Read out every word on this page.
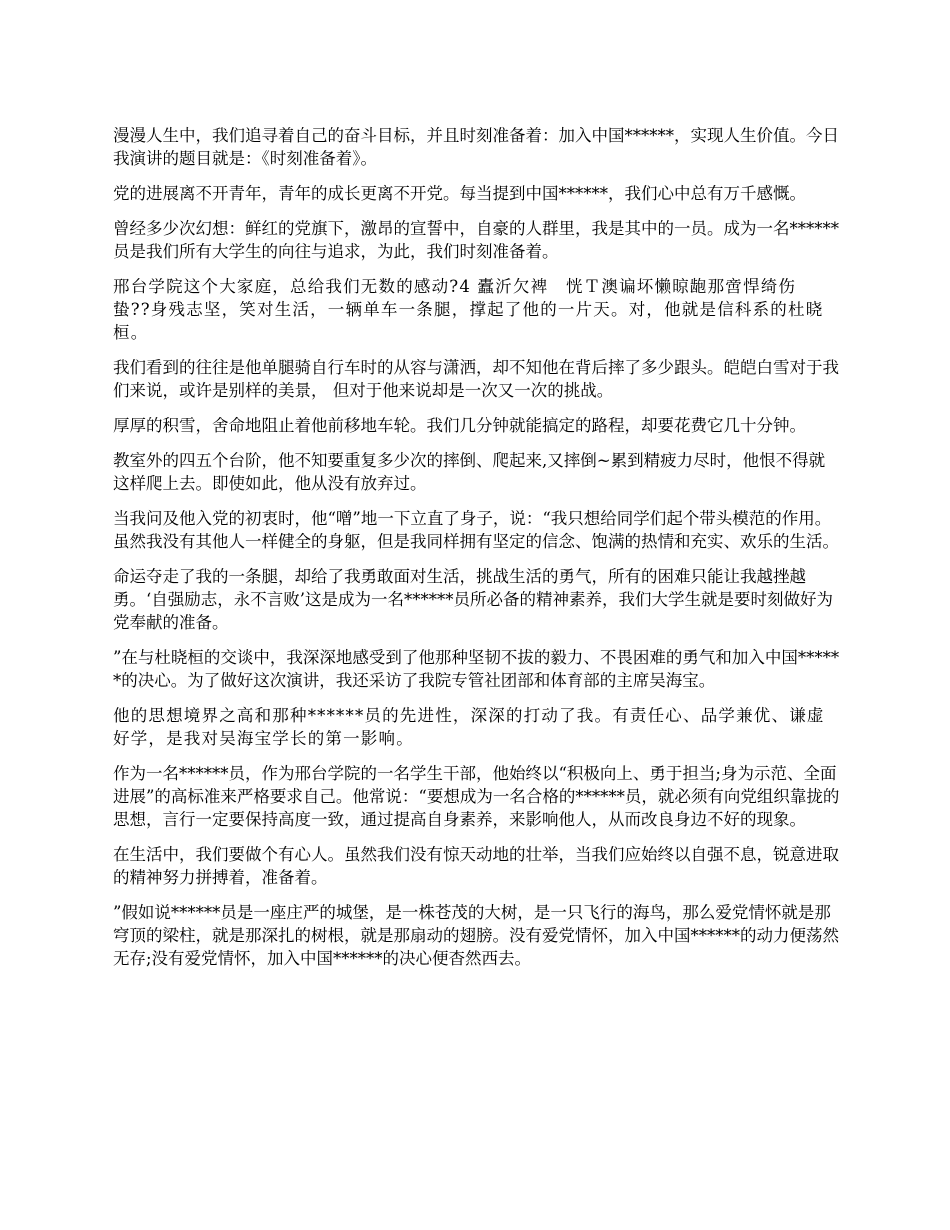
漫漫人生中，我们追寻着自己的奋斗目标，并且时刻准备着：加入中国******，实现人生价值。今日我演讲的题目就是：《时刻准备着》。

党的进展离不开青年，青年的成长更离不开党。每当提到中国******，我们心中总有万千感慨。

曾经多少次幻想：鲜红的党旗下，激昂的宣誓中，自豪的人群里，我是其中的一员。成为一名******员是我们所有大学生的向往与追求，为此，我们时刻准备着。

邢台学院这个大家庭，总给我们无数的感动?4 蠹沂欠裨　恍Ｔ澳谝坏懒晾龅那啻悍绮伤　蛰??身残志坚，笑对生活，一辆单车一条腿，撑起了他的一片天。对，他就是信科系的杜晓桓。

我们看到的往往是他单腿骑自行车时的从容与潇洒，却不知他在背后摔了多少跟头。皑皑白雪对于我们来说，或许是别样的美景， 但对于他来说却是一次又一次的挑战。

厚厚的积雪，舍命地阻止着他前移地车轮。我们几分钟就能搞定的路程，却要花费它几十分钟。

教室外的四五个台阶，他不知要重复多少次的摔倒、爬起来,又摔倒~累到精疲力尽时，他恨不得就这样爬上去。即使如此，他从没有放弃过。

当我问及他入党的初衷时，他“噌”地一下立直了身子，说：“我只想给同学们起个带头模范的作用。虽然我没有其他人一样健全的身躯，但是我同样拥有坚定的信念、饱满的热情和充实、欢乐的生活。

命运夺走了我的一条腿，却给了我勇敢面对生活，挑战生活的勇气，所有的困难只能让我越挫越勇。‘自强励志，永不言败’这是成为一名******员所必备的精神素养，我们大学生就是要时刻做好为党奉献的准备。

”在与杜晓桓的交谈中，我深深地感受到了他那种坚韧不拔的毅力、不畏困难的勇气和加入中国******的决心。为了做好这次演讲，我还采访了我院专管社团部和体育部的主席吴海宝。

他的思想境界之高和那种******员的先进性，深深的打动了我。有责任心、品学兼优、谦虚好学，是我对吴海宝学长的第一影响。

作为一名******员，作为邢台学院的一名学生干部，他始终以“积极向上、勇于担当;身为示范、全面进展”的高标准来严格要求自己。他常说：“要想成为一名合格的******员，就必须有向党组织靠拢的思想，言行一定要保持高度一致，通过提高自身素养，来影响他人，从而改良身边不好的现象。

在生活中，我们要做个有心人。虽然我们没有惊天动地的壮举，当我们应始终以自强不息，锐意进取的精神努力拼搏着，准备着。

”假如说******员是一座庄严的城堡，是一株苍茂的大树，是一只飞行的海鸟，那么爱党情怀就是那穹顶的梁柱，就是那深扎的树根，就是那扇动的翅膀。没有爱党情怀，加入中国******的动力便荡然无存;没有爱党情怀，加入中国******的决心便杳然西去。
